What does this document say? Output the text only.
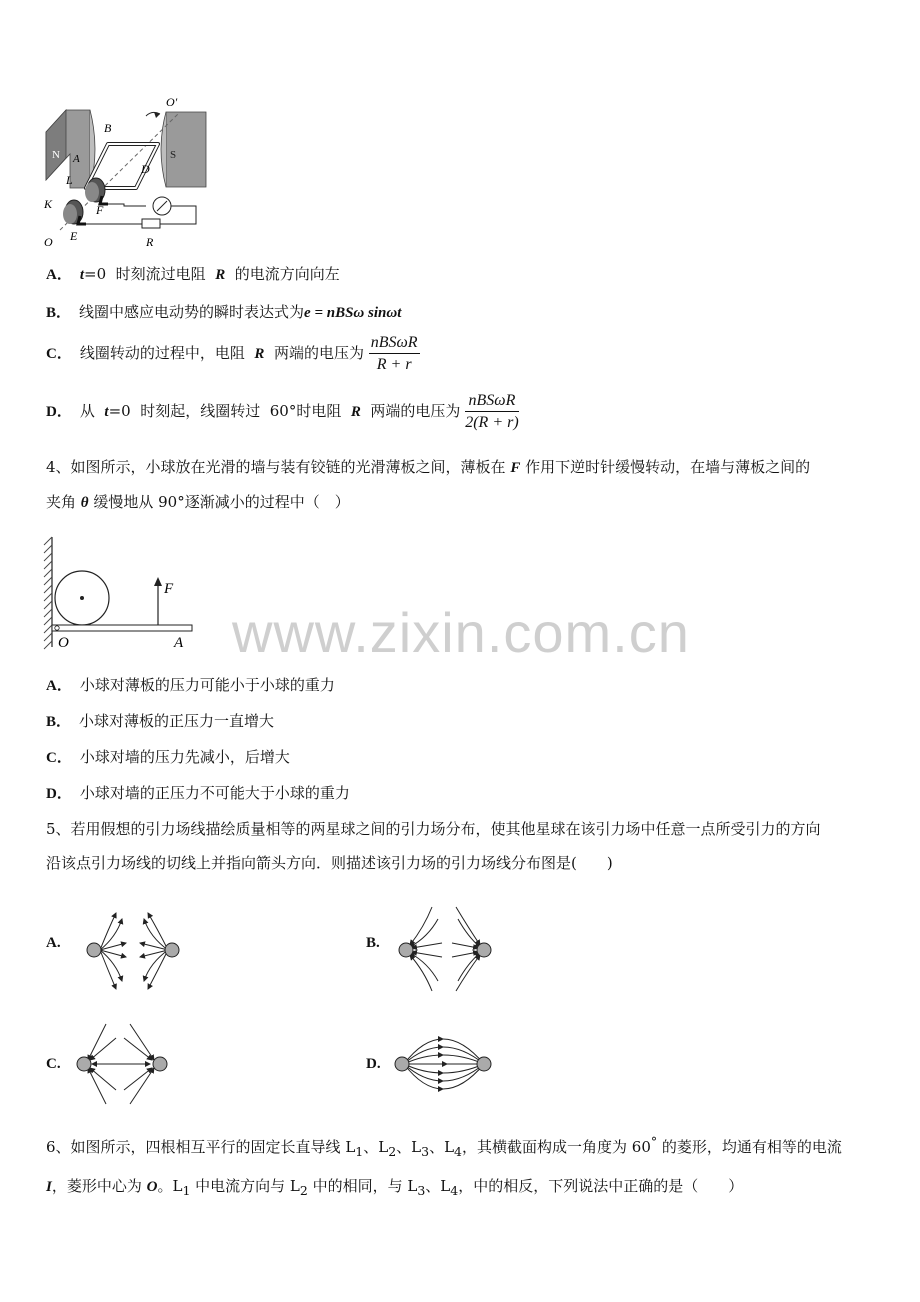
O′
B
N	S
A
L
D
K	F
O E	R
A． t=0  时刻流过电阻  R  的电流方向向左
B． 线圈中感应电动势的瞬时表达式为e = nBSω sinωt
C． 线圈转动的过程中，电阻  R  两端的电压为 $\frac{\text{nBSωR}}{R + r}$
D． 从  t=0  时刻起，线圈转过  60°时电阻  R  两端的电压为 $\frac{\text{nBSωR}}{2(R + r)}$
4、如图所示，小球放在光滑的墙与装有铰链的光滑薄板之间，薄板在 F 作用下逆时针缓慢转动，在墙与薄板之间的
夹角 θ 缓慢地从 90°逐渐减小的过程中（　）
F
O	A www.zixin.com.cn
A． 小球对薄板的压力可能小于小球的重力
B． 小球对薄板的正压力一直增大
C． 小球对墙的压力先减小，后增大
D． 小球对墙的正压力不可能大于小球的重力
5、若用假想的引力场线描绘质量相等的两星球之间的引力场分布，使其他星球在该引力场中任意一点所受引力的方向
沿该点引力场线的切线上并指向箭头方向．则描述该引力场的引力场线分布图是(　　)
A.	B.
C.	D.
6、如图所示，四根相互平行的固定长直导线 $L_1$、$L_2$、$L_3$、$L_4$，其横截面构成一角度为 60° 的菱形，均通有相等的电流
I，菱形中心为 O。$L_1$ 中电流方向与 $L_2$ 中的相同，与 $L_3$、$L_4$，中的相反，下列说法中正确的是（　　）
